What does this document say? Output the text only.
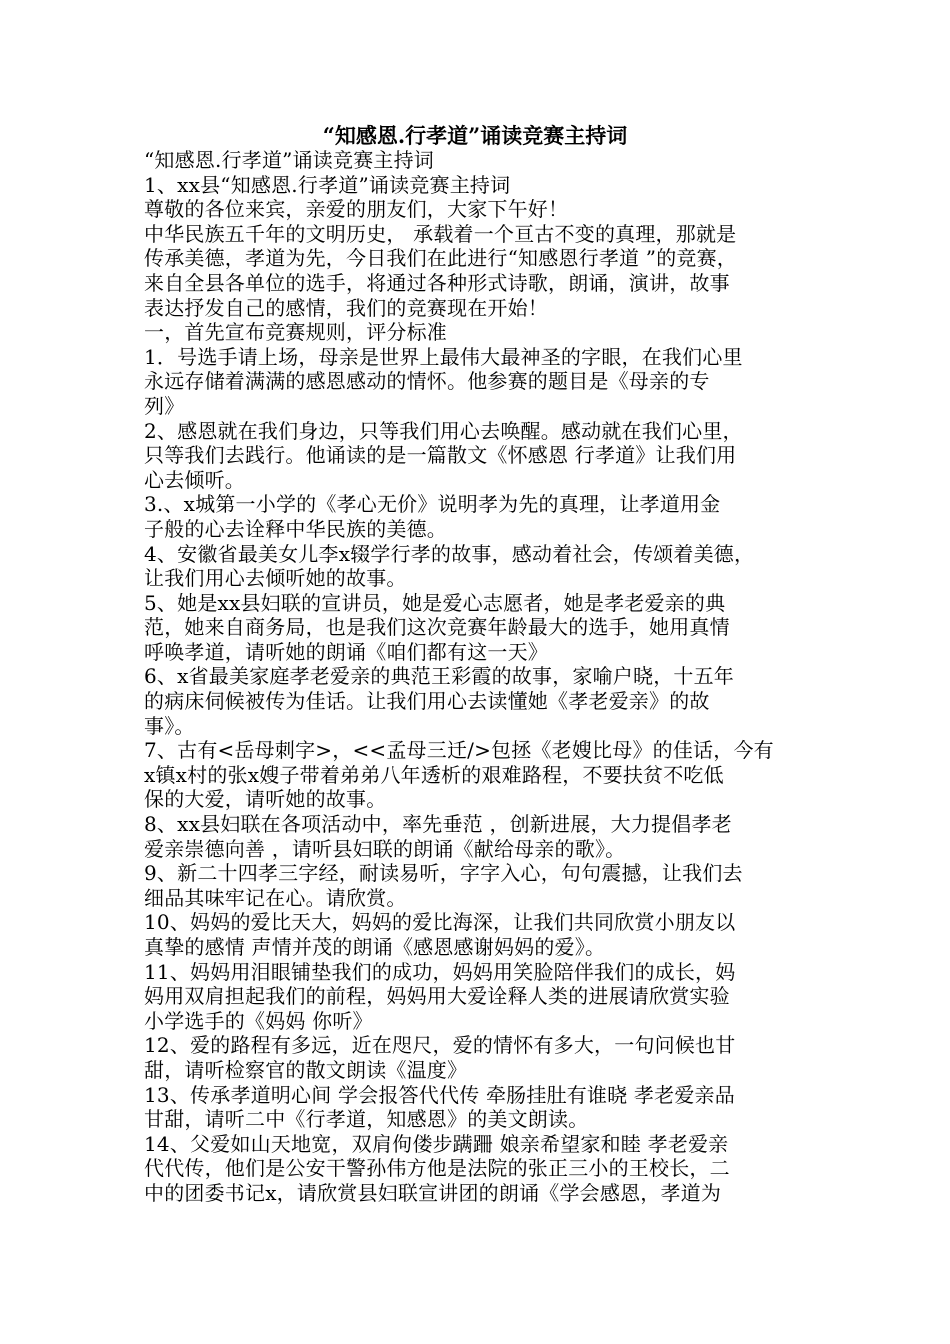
“知感恩.行孝道”诵读竞赛主持词
“知感恩.行孝道”诵读竞赛主持词
1、xx县“知感恩.行孝道”诵读竞赛主持词
尊敬的各位来宾，亲爱的朋友们，大家下午好！
中华民族五千年的文明历史， 承载着一个亘古不变的真理，那就是
传承美德，孝道为先，今日我们在此进行“知感恩行孝道 ”的竞赛，
来自全县各单位的选手，将通过各种形式诗歌，朗诵，演讲，故事
表达抒发自己的感情，我们的竞赛现在开始！
一，首先宣布竞赛规则，评分标准
1．号选手请上场，母亲是世界上最伟大最神圣的字眼，在我们心里
永远存储着满满的感恩感动的情怀。他参赛的题目是《母亲的专
列》
2、感恩就在我们身边，只等我们用心去唤醒。感动就在我们心里，
只等我们去践行。他诵读的是一篇散文《怀感恩 行孝道》让我们用
心去倾听。
3.、x城第一小学的《孝心无价》说明孝为先的真理，让孝道用金
子般的心去诠释中华民族的美德。
4、安徽省最美女儿李x辍学行孝的故事，感动着社会，传颂着美德，
让我们用心去倾听她的故事。
5、她是xx县妇联的宣讲员，她是爱心志愿者，她是孝老爱亲的典
范，她来自商务局，也是我们这次竞赛年龄最大的选手，她用真情
呼唤孝道，请听她的朗诵《咱们都有这一天》
6、x省最美家庭孝老爱亲的典范王彩霞的故事，家喻户晓，十五年
的病床伺候被传为佳话。让我们用心去读懂她《孝老爱亲》的故
事》。
7、古有<岳母刺字>，<<孟母三迁/>包拯《老嫂比母》的佳话，今有
x镇x村的张x嫂子带着弟弟八年透析的艰难路程，不要扶贫不吃低
保的大爱，请听她的故事。
8、xx县妇联在各项活动中，率先垂范 ，创新进展，大力提倡孝老
爱亲崇德向善 ，请听县妇联的朗诵《献给母亲的歌》。
9、新二十四孝三字经，耐读易听，字字入心，句句震撼，让我们去
细品其味牢记在心。请欣赏。
10、妈妈的爱比天大，妈妈的爱比海深，让我们共同欣赏小朋友以
真挚的感情 声情并茂的朗诵《感恩感谢妈妈的爱》。
11、妈妈用泪眼铺垫我们的成功，妈妈用笑脸陪伴我们的成长，妈
妈用双肩担起我们的前程，妈妈用大爱诠释人类的进展请欣赏实验
小学选手的《妈妈 你听》
12、爱的路程有多远，近在咫尺，爱的情怀有多大，一句问候也甘
甜，请听检察官的散文朗读《温度》
13、传承孝道明心间 学会报答代代传 牵肠挂肚有谁晓 孝老爱亲品
甘甜，请听二中《行孝道，知感恩》的美文朗读。
14、父爱如山天地宽，双肩佝偻步蹒跚 娘亲希望家和睦 孝老爱亲
代代传，他们是公安干警孙伟方他是法院的张正三小的王校长，二
中的团委书记x，请欣赏县妇联宣讲团的朗诵《学会感恩，孝道为
